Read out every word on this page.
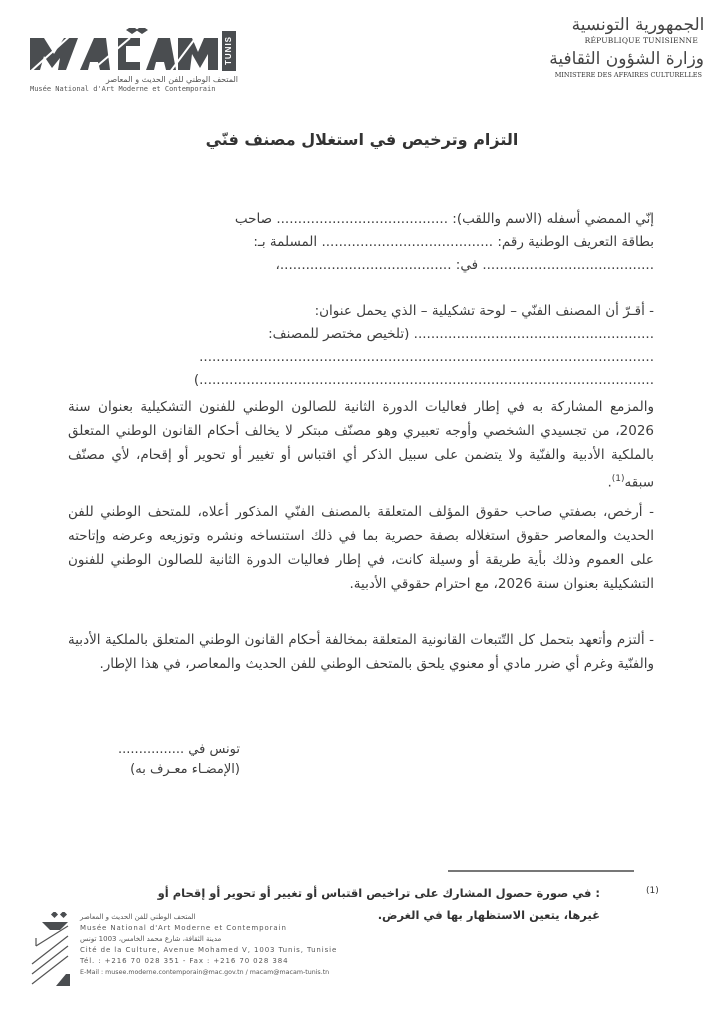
TUNIS
المتحف الوطني للفن الحديث و المعاصر
Musée National d'Art Moderne et Contemporain
الجمهورية التونسية
RÉPUBLIQUE TUNISIENNE
وزارة الشؤون الثقافية
MINISTERE DES AFFAIRES CULTURELLES
التزام وترخيص في استغلال مصنف فنّي
إنّي الممضي أسفله (الاسم واللقب): ........................................ صاحب
بطاقة التعريف الوطنية رقم: ........................................ المسلمة بـ:
........................................ في: ........................................،
- أقـرّ أن المصنف الفنّي – لوحة تشكيلية – الذي يحمل عنوان:
........................................................ (تلخيص مختصر للمصنف:
..........................................................................................................
..........................................................................................................)
والمزمع المشاركة به في إطار فعاليات الدورة الثانية للصالون الوطني للفنون التشكيلية بعنوان سنة 2026، من تجسيدي الشخصي وأوجه تعبيري وهو مصنّف مبتكر لا يخالف أحكام القانون الوطني المتعلق بالملكية الأدبية والفنّية ولا يتضمن على سبيل الذكر أي اقتباس أو تغيير أو تحوير أو إقحام، لأي مصنّف سبقه$^{(1)}$.
- أرخص، بصفتي صاحب حقوق المؤلف المتعلقة بالمصنف الفنّي المذكور أعلاه، للمتحف الوطني للفن الحديث والمعاصر حقوق استغلاله بصفة حصرية بما في ذلك استنساخه ونشره وتوزيعه وعرضه وإتاحته على العموم وذلك بأية طريقة أو وسيلة كانت، في إطار فعاليات الدورة الثانية للصالون الوطني للفنون التشكيلية بعنوان سنة 2026، مع احترام حقوقي الأدبية.
- ألتزم وأتعهد بتحمل كل التّتبعات القانونية المتعلقة بمخالفة أحكام القانون الوطني المتعلق بالملكية الأدبية والفنّية وغرم أي ضرر مادي أو معنوي يلحق بالمتحف الوطني للفن الحديث والمعاصر، في هذا الإطار.
تونس في ................
(الإمضـاء معـرف به)
(1)
: في صورة حصول المشارك على تراخيص اقتباس أو تغيير أو تحوير أو إقحام أو غيرها، يتعين الاستظهار بها في الغرض.
المتحف الوطني للفن الحديث و المعاصر
Musée National d'Art Moderne et Contemporain
مدينة الثقافة، شارع محمد الخامس، 1003 تونس
Cité de la Culture, Avenue Mohamed V, 1003 Tunis, Tunisie
Tél. : +216 70 028 351 - Fax : +216 70 028 384
E-Mail : musee.moderne.contemporain@mac.gov.tn / macam@macam-tunis.tn
